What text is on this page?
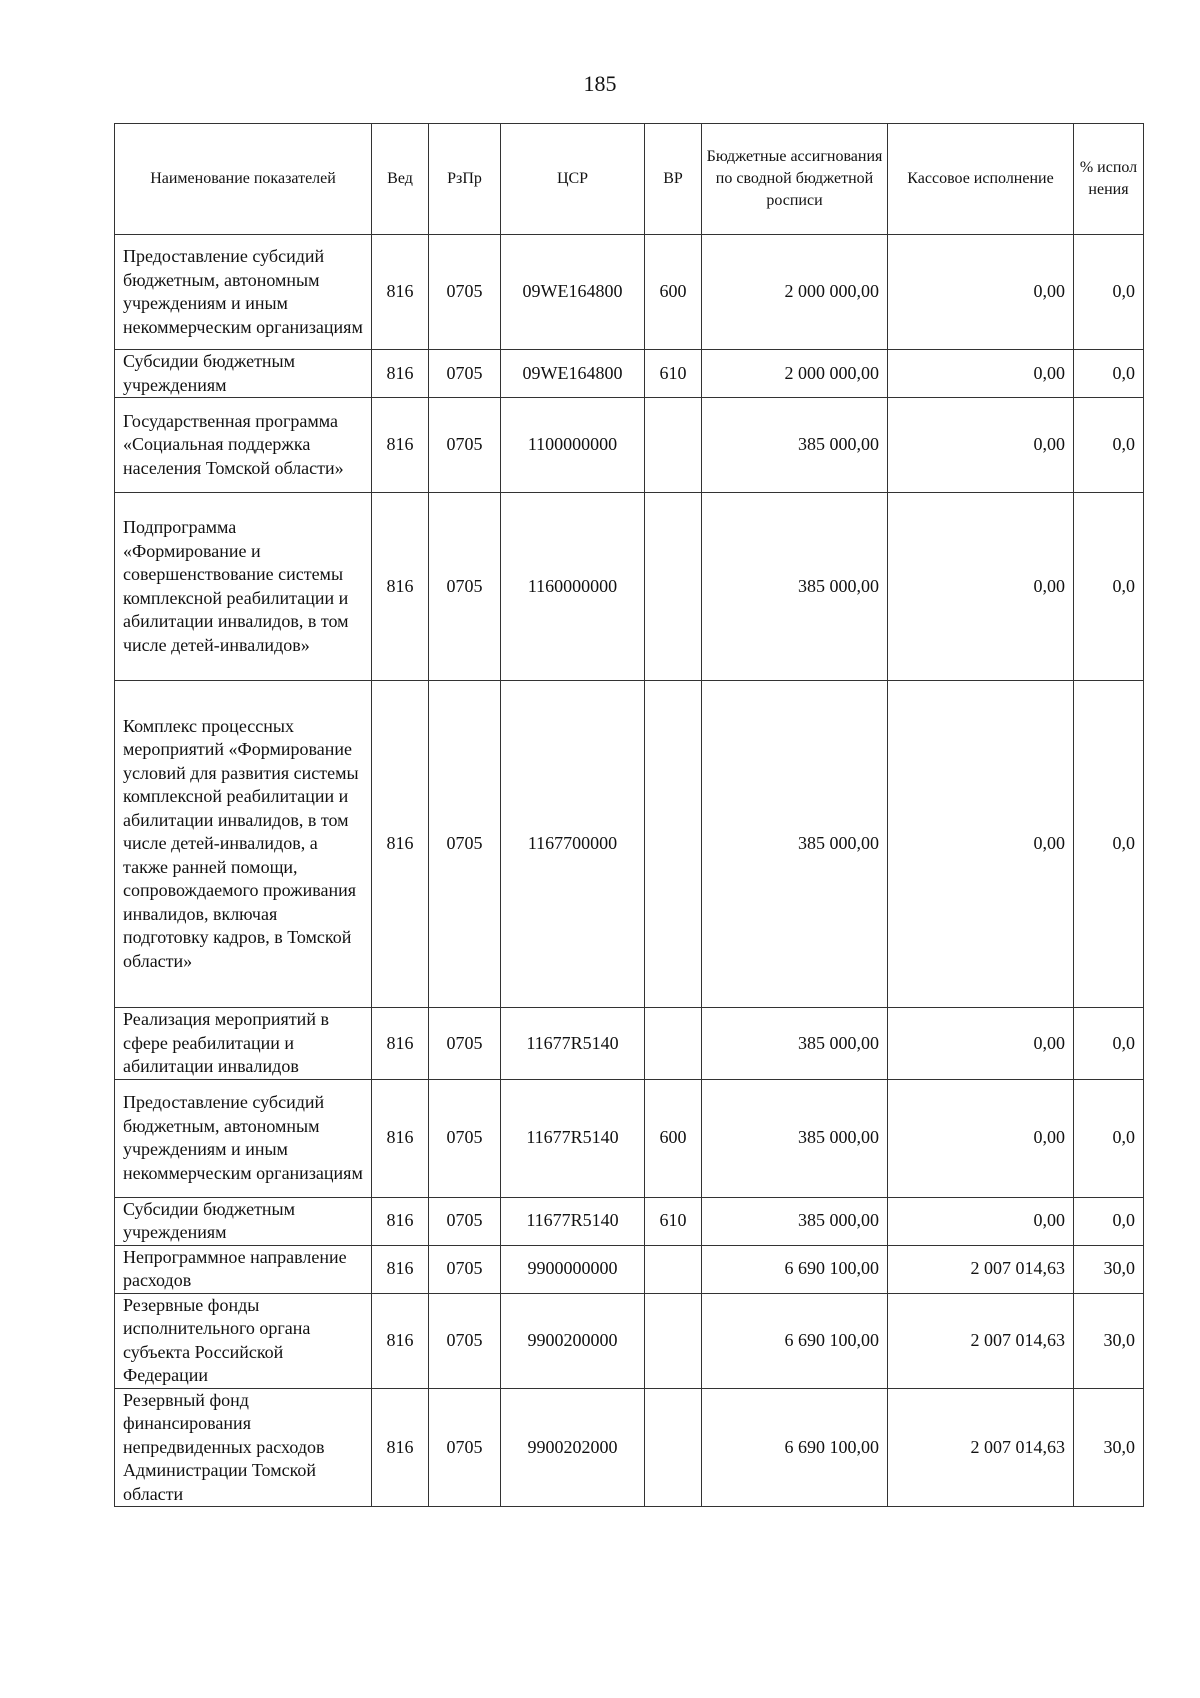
185
Наименование показателей	Вед	РзПр	ЦСР	ВР	Бюджетные ассигнования по сводной бюджетной росписи	Кассовое исполнение	% испол нения
Предоставление субсидий бюджетным, автономным учреждениям и иным некоммерческим организациям	816	0705	09WE164800	600	2 000 000,00	0,00	0,0
Субсидии бюджетным учреждениям	816	0705	09WE164800	610	2 000 000,00	0,00	0,0
Государственная программа «Социальная поддержка населения Томской области»	816	0705	1100000000		385 000,00	0,00	0,0
Подпрограмма «Формирование и совершенствование системы комплексной реабилитации и абилитации инвалидов, в том числе детей-инвалидов»	816	0705	1160000000		385 000,00	0,00	0,0
Комплекс процессных мероприятий «Формирование условий для развития системы комплексной реабилитации и абилитации инвалидов, в том числе детей-инвалидов, а также ранней помощи, сопровождаемого проживания инвалидов, включая подготовку кадров, в Томской области»	816	0705	1167700000		385 000,00	0,00	0,0
Реализация мероприятий в сфере реабилитации и абилитации инвалидов	816	0705	11677R5140		385 000,00	0,00	0,0
Предоставление субсидий бюджетным, автономным учреждениям и иным некоммерческим организациям	816	0705	11677R5140	600	385 000,00	0,00	0,0
Субсидии бюджетным учреждениям	816	0705	11677R5140	610	385 000,00	0,00	0,0
Непрограммное направление расходов	816	0705	9900000000		6 690 100,00	2 007 014,63	30,0
Резервные фонды исполнительного органа субъекта Российской Федерации	816	0705	9900200000		6 690 100,00	2 007 014,63	30,0
Резервный фонд финансирования непредвиденных расходов Администрации Томской области	816	0705	9900202000		6 690 100,00	2 007 014,63	30,0
